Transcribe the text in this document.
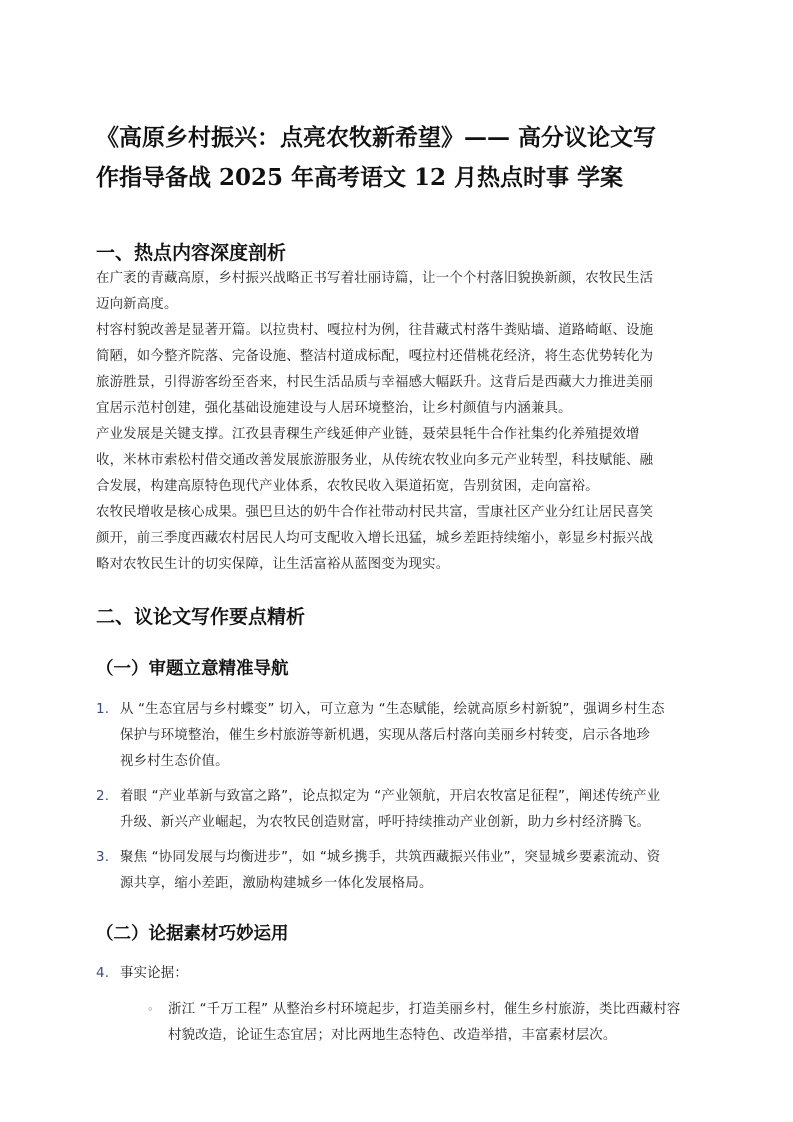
《高原乡村振兴：点亮农牧新希望》—— 高分议论文写
作指导备战 2025 年高考语文 12 月热点时事 学案
一、热点内容深度剖析

在广袤的青藏高原，乡村振兴战略正书写着壮丽诗篇，让一个个村落旧貌换新颜，农牧民生活
迈向新高度。

村容村貌改善是显著开篇。以拉贵村、嘎拉村为例，往昔藏式村落牛粪贴墙、道路崎岖、设施
简陋，如今整齐院落、完备设施、整洁村道成标配，嘎拉村还借桃花经济，将生态优势转化为
旅游胜景，引得游客纷至沓来，村民生活品质与幸福感大幅跃升。这背后是西藏大力推进美丽
宜居示范村创建，强化基础设施建设与人居环境整治，让乡村颜值与内涵兼具。

产业发展是关键支撑。江孜县青稞生产线延伸产业链，聂荣县牦牛合作社集约化养殖提效增
收，米林市索松村借交通改善发展旅游服务业，从传统农牧业向多元产业转型，科技赋能、融
合发展，构建高原特色现代产业体系，农牧民收入渠道拓宽，告别贫困，走向富裕。

农牧民增收是核心成果。强巴旦达的奶牛合作社带动村民共富，雪康社区产业分红让居民喜笑
颜开，前三季度西藏农村居民人均可支配收入增长迅猛，城乡差距持续缩小，彰显乡村振兴战
略对农牧民生计的切实保障，让生活富裕从蓝图变为现实。

二、议论文写作要点精析
（一）审题立意精准导航
1. 从 “生态宜居与乡村蝶变” 切入，可立意为 “生态赋能，绘就高原乡村新貌”，强调乡村生态
保护与环境整治，催生乡村旅游等新机遇，实现从落后村落向美丽乡村转变，启示各地珍
视乡村生态价值。
2. 着眼 “产业革新与致富之路”，论点拟定为 “产业领航，开启农牧富足征程”，阐述传统产业
升级、新兴产业崛起，为农牧民创造财富，呼吁持续推动产业创新，助力乡村经济腾飞。
3. 聚焦 “协同发展与均衡进步”，如 “城乡携手，共筑西藏振兴伟业”，突显城乡要素流动、资
源共享，缩小差距，激励构建城乡一体化发展格局。
（二）论据素材巧妙运用
4. 事实论据：
◦ 浙江 “千万工程” 从整治乡村环境起步，打造美丽乡村，催生乡村旅游，类比西藏村容
村貌改造，论证生态宜居；对比两地生态特色、改造举措，丰富素材层次。
